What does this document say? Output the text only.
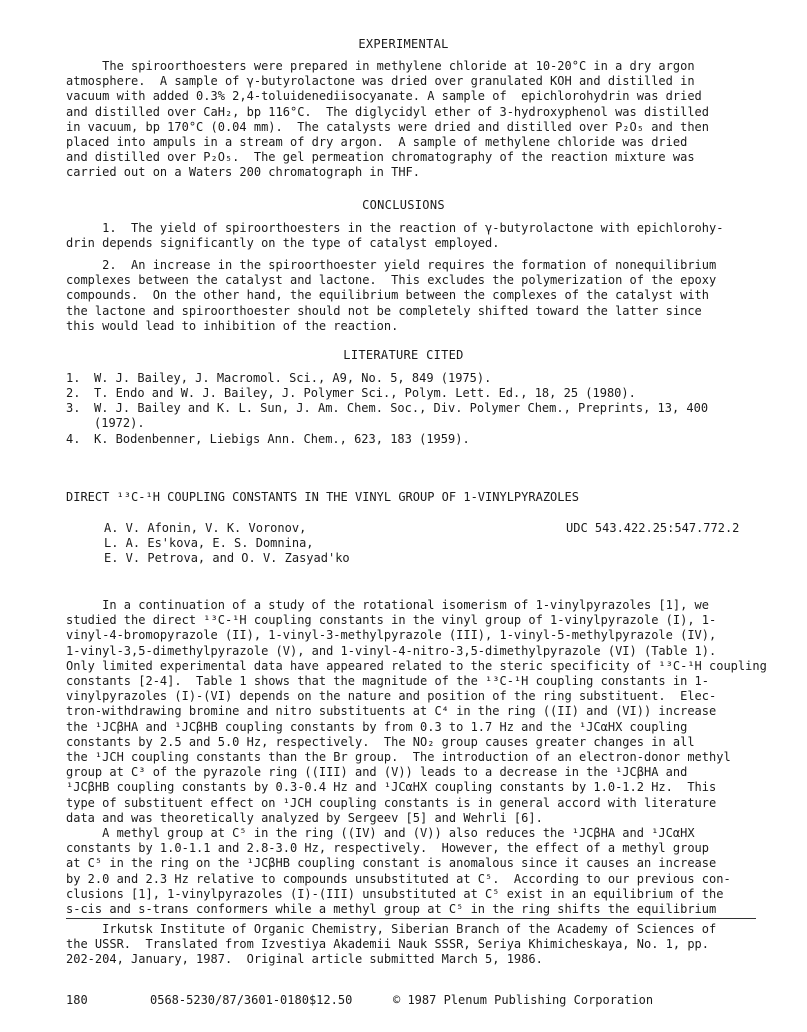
EXPERIMENTAL
The spiroorthoesters were prepared in methylene chloride at 10-20°C in a dry argon
atmosphere.  A sample of γ-butyrolactone was dried over granulated KOH and distilled in
vacuum with added 0.3% 2,4-toluidenediisocyanate. A sample of  epichlorohydrin was dried
and distilled over CaH₂, bp 116°C.  The diglycidyl ether of 3-hydroxyphenol was distilled
in vacuum, bp 170°C (0.04 mm).  The catalysts were dried and distilled over P₂O₅ and then
placed into ampuls in a stream of dry argon.  A sample of methylene chloride was dried
and distilled over P₂O₅.  The gel permeation chromatography of the reaction mixture was
carried out on a Waters 200 chromatograph in THF.
CONCLUSIONS
1.  The yield of spiroorthoesters in the reaction of γ-butyrolactone with epichlorohy-
drin depends significantly on the type of catalyst employed.
2.  An increase in the spiroorthoester yield requires the formation of nonequilibrium
complexes between the catalyst and lactone.  This excludes the polymerization of the epoxy
compounds.  On the other hand, the equilibrium between the complexes of the catalyst with
the lactone and spiroorthoester should not be completely shifted toward the latter since
this would lead to inhibition of the reaction.
LITERATURE CITED
1. W. J. Bailey, J. Macromol. Sci., A9, No. 5, 849 (1975).
2. T. Endo and W. J. Bailey, J. Polymer Sci., Polym. Lett. Ed., 18, 25 (1980).
3. W. J. Bailey and K. L. Sun, J. Am. Chem. Soc., Div. Polymer Chem., Preprints, 13, 400
(1972).
4. K. Bodenbenner, Liebigs Ann. Chem., 623, 183 (1959).
DIRECT ¹³C-¹H COUPLING CONSTANTS IN THE VINYL GROUP OF 1-VINYLPYRAZOLES
A. V. Afonin, V. K. Voronov,
L. A. Es'kova, E. S. Domnina,
E. V. Petrova, and O. V. Zasyad'ko
UDC 543.422.25:547.772.2
In a continuation of a study of the rotational isomerism of 1-vinylpyrazoles [1], we
studied the direct ¹³C-¹H coupling constants in the vinyl group of 1-vinylpyrazole (I), 1-
vinyl-4-bromopyrazole (II), 1-vinyl-3-methylpyrazole (III), 1-vinyl-5-methylpyrazole (IV),
1-vinyl-3,5-dimethylpyrazole (V), and 1-vinyl-4-nitro-3,5-dimethylpyrazole (VI) (Table 1).
Only limited experimental data have appeared related to the steric specificity of ¹³C-¹H coupling
constants [2-4].  Table 1 shows that the magnitude of the ¹³C-¹H coupling constants in 1-
vinylpyrazoles (I)-(VI) depends on the nature and position of the ring substituent.  Elec-
tron-withdrawing bromine and nitro substituents at C⁴ in the ring ((II) and (VI)) increase
the ¹JCβHA and ¹JCβHB coupling constants by from 0.3 to 1.7 Hz and the ¹JCαHX coupling
constants by 2.5 and 5.0 Hz, respectively.  The NO₂ group causes greater changes in all
the ¹JCH coupling constants than the Br group.  The introduction of an electron-donor methyl
group at C³ of the pyrazole ring ((III) and (V)) leads to a decrease in the ¹JCβHA and
¹JCβHB coupling constants by 0.3-0.4 Hz and ¹JCαHX coupling constants by 1.0-1.2 Hz.  This
type of substituent effect on ¹JCH coupling constants is in general accord with literature
data and was theoretically analyzed by Sergeev [5] and Wehrli [6].
A methyl group at C⁵ in the ring ((IV) and (V)) also reduces the ¹JCβHA and ¹JCαHX
constants by 1.0-1.1 and 2.8-3.0 Hz, respectively.  However, the effect of a methyl group
at C⁵ in the ring on the ¹JCβHB coupling constant is anomalous since it causes an increase
by 2.0 and 2.3 Hz relative to compounds unsubstituted at C⁵.  According to our previous con-
clusions [1], 1-vinylpyrazoles (I)-(III) unsubstituted at C⁵ exist in an equilibrium of the
s-cis and s-trans conformers while a methyl group at C⁵ in the ring shifts the equilibrium
Irkutsk Institute of Organic Chemistry, Siberian Branch of the Academy of Sciences of
the USSR.  Translated from Izvestiya Akademii Nauk SSSR, Seriya Khimicheskaya, No. 1, pp.
202-204, January, 1987.  Original article submitted March 5, 1986.
180	0568-5230/87/3601-0180$12.50	© 1987 Plenum Publishing Corporation
